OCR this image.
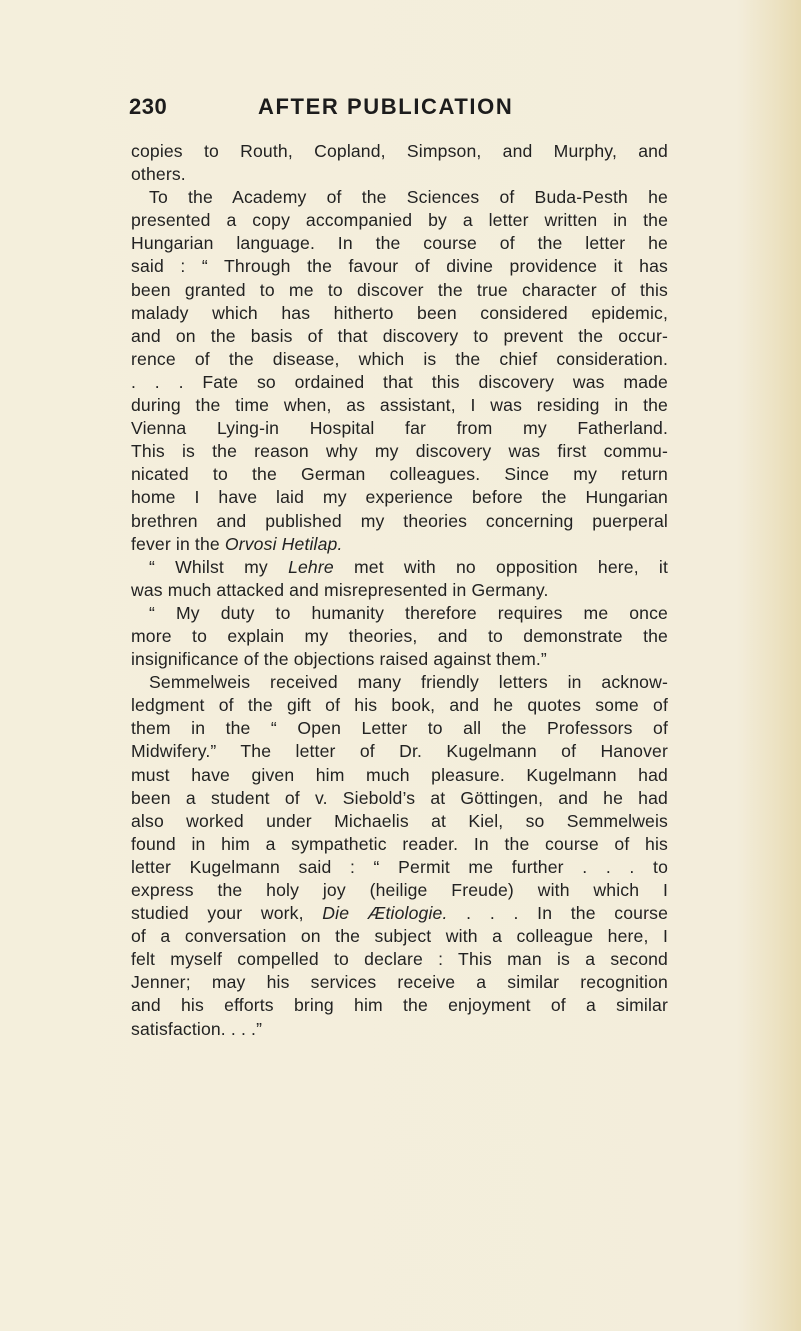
230	AFTER PUBLICATION
copies to Routh, Copland, Simpson, and Murphy, and
others.
To the Academy of the Sciences of Buda-Pesth he
presented a copy accompanied by a letter written in the
Hungarian language. In the course of the letter he
said : “ Through the favour of divine providence it has
been granted to me to discover the true character of this
malady which has hitherto been considered epidemic,
and on the basis of that discovery to prevent the occur-
rence of the disease, which is the chief consideration.
. . . Fate so ordained that this discovery was made
during the time when, as assistant, I was residing in the
Vienna Lying-in Hospital far from my Fatherland.
This is the reason why my discovery was first commu-
nicated to the German colleagues. Since my return
home I have laid my experience before the Hungarian
brethren and published my theories concerning puerperal
fever in the Orvosi Hetilap.
“ Whilst my Lehre met with no opposition here, it
was much attacked and misrepresented in Germany.
“ My duty to humanity therefore requires me once
more to explain my theories, and to demonstrate the
insignificance of the objections raised against them.”
Semmelweis received many friendly letters in acknow-
ledgment of the gift of his book, and he quotes some of
them in the “ Open Letter to all the Professors of
Midwifery.” The letter of Dr. Kugelmann of Hanover
must have given him much pleasure. Kugelmann had
been a student of v. Siebold’s at Göttingen, and he had
also worked under Michaelis at Kiel, so Semmelweis
found in him a sympathetic reader. In the course of his
letter Kugelmann said : “ Permit me further . . . to
express the holy joy (heilige Freude) with which I
studied your work, Die Ætiologie. . . . In the course
of a conversation on the subject with a colleague here, I
felt myself compelled to declare : This man is a second
Jenner; may his services receive a similar recognition
and his efforts bring him the enjoyment of a similar
satisfaction. . . .”
